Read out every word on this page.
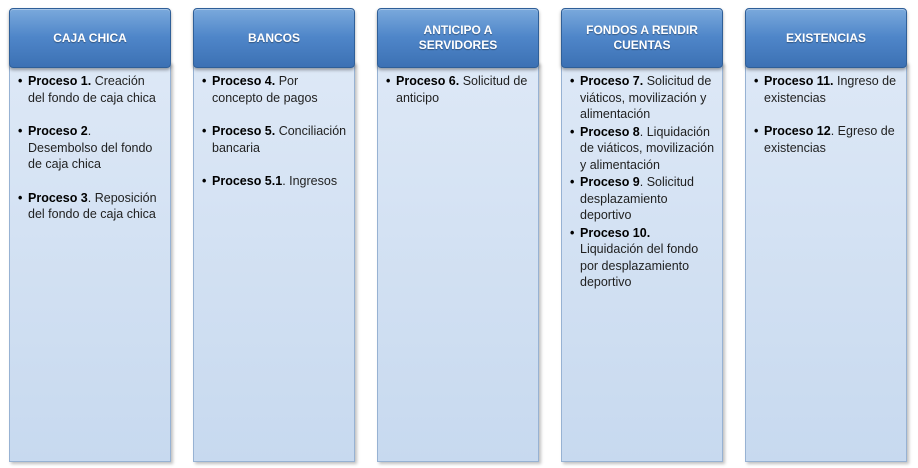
• Proceso 1. Creación del fondo de caja chica
• Proceso 2. Desembolso del fondo de caja chica
• Proceso 3. Reposición del fondo de caja chica
CAJA CHICA
• Proceso 4. Por concepto de pagos
• Proceso 5. Conciliación bancaria
• Proceso 5.1. Ingresos
BANCOS
• Proceso 6. Solicitud de anticipo
ANTICIPO A SERVIDORES
• Proceso 7. Solicitud de viáticos, movilización y alimentación
• Proceso 8. Liquidación de viáticos, movilización y alimentación
• Proceso 9. Solicitud desplazamiento deportivo
• Proceso 10. Liquidación del fondo por desplazamiento deportivo
FONDOS A RENDIR CUENTAS
• Proceso 11. Ingreso de existencias
• Proceso 12. Egreso de existencias
EXISTENCIAS
